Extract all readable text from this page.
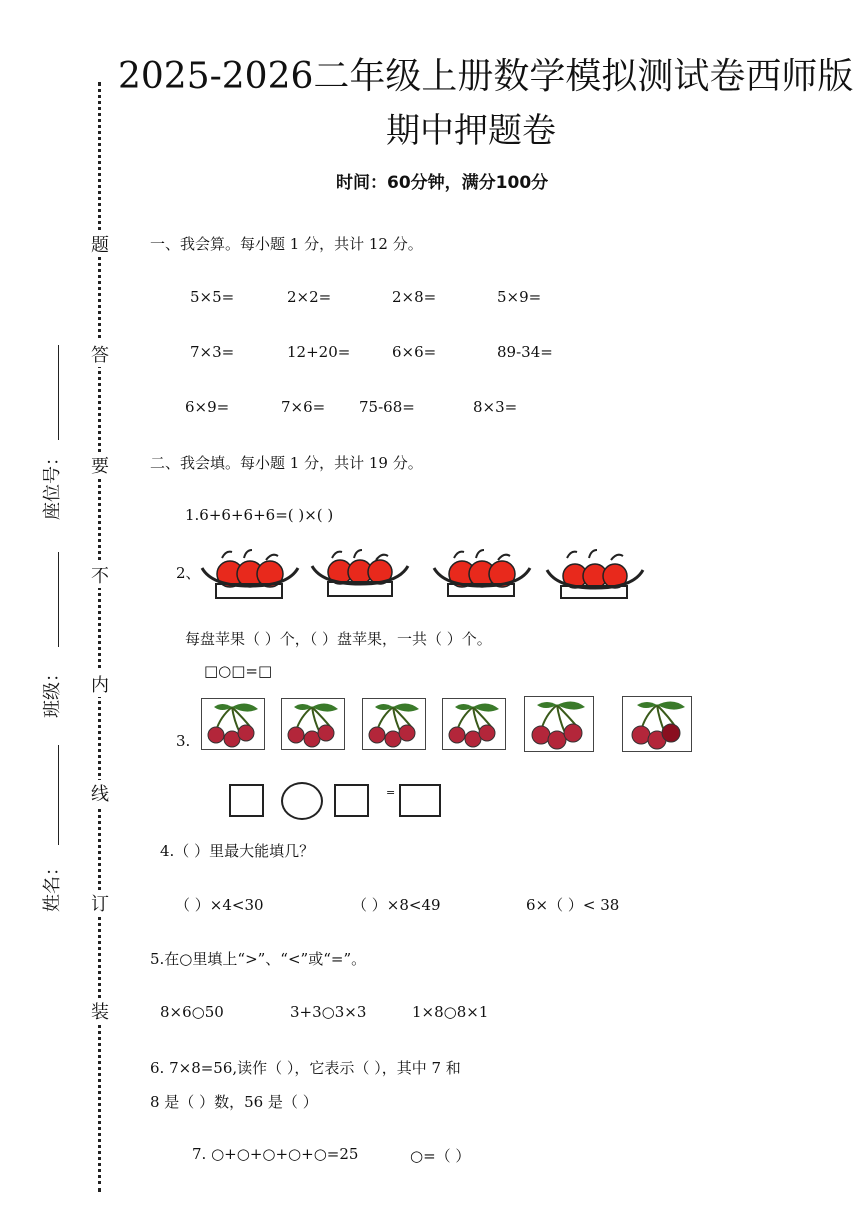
2025-2026二年级上册数学模拟测试卷西师版
期中押题卷
时间：60分钟，满分100分
题
答
要
不
内
线
订
装
座位号：
班级：
姓名：
一、我会算。每小题 1 分，共计 12 分。
5×5=	2×2=	2×8=	5×9=
7×3=	12+20=	6×6=	89-34=
6×9=	7×6= 75-68=	8×3=
二、我会填。每小题 1 分，共计 19 分。
1.6+6+6+6=( )×( )
2、
每盘苹果（ ）个，（ ）盘苹果，一共（ ）个。
□○□=□
3.
=
4.（ ）里最大能填几？
（ ）×4<30	（ ）×8<49	6×（ ）< 38
5.在○里填上“>”、“<”或“=”。
8×6○50	3+3○3×3	1×8○8×1
6. 7×8=56,读作（ ），它表示（ ），其中 7 和
8 是（ ）数，56 是（ ）
7. ○+○+○+○+○=25	○=（ ）
